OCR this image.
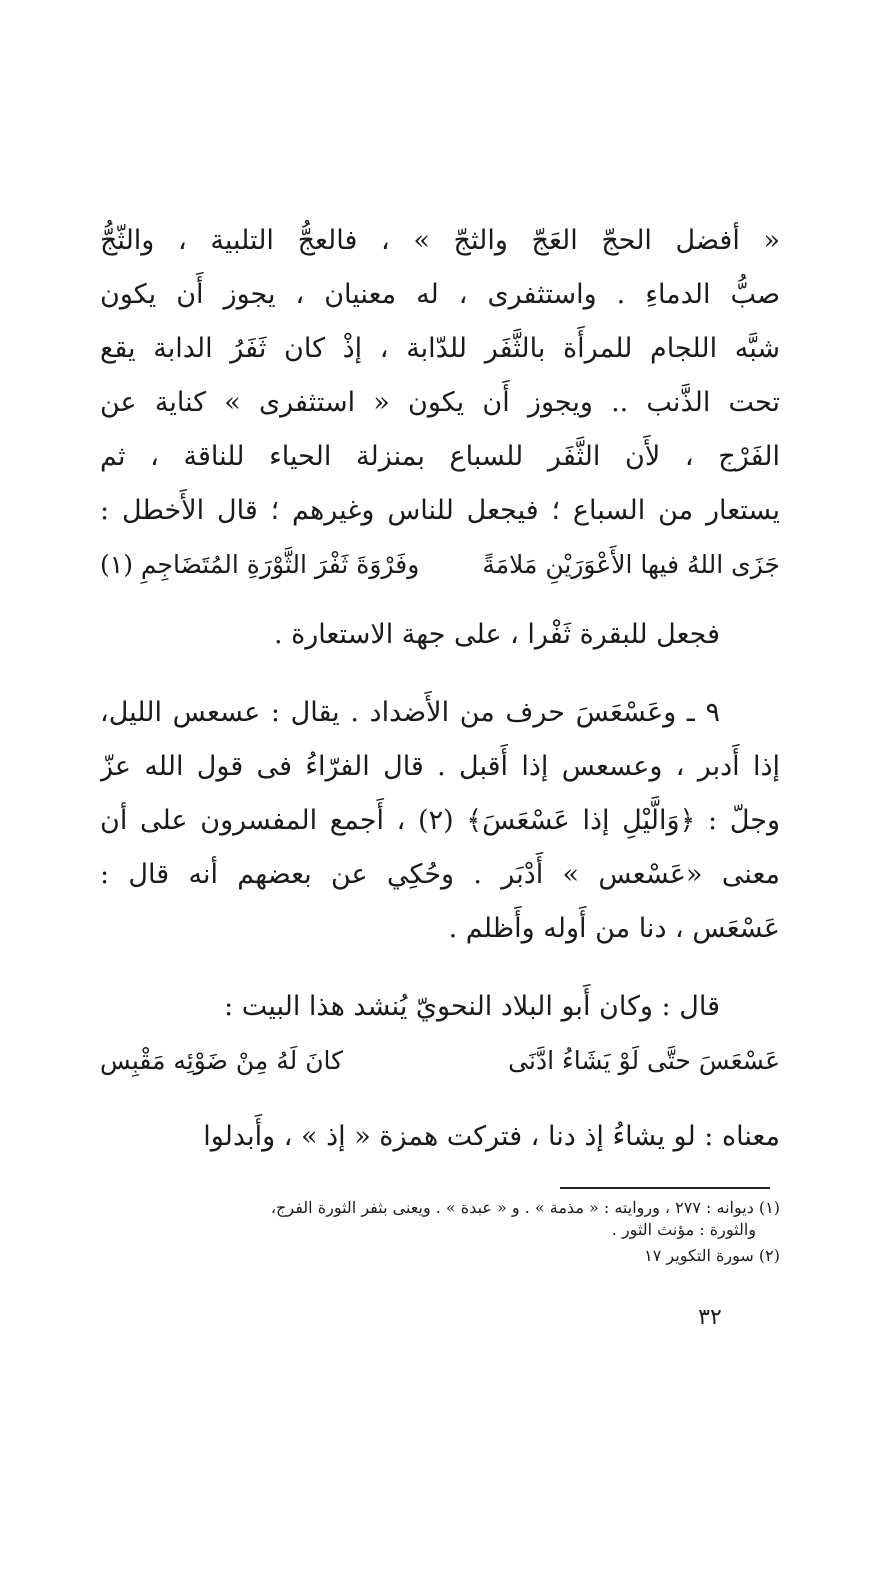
« أفضل الحجّ العَجّ والثجّ » ، فالعجُّ التلبية ، والثّجُّ
صبُّ الدماءِ . واستثفرى ، له معنيان ، يجوز أَن يكون
شبَّه اللجام للمرأَة بالثَّفَر للدّابة ، إذْ كان ثَفَرُ الدابة يقع
تحت الذَّنب .. ويجوز أَن يكون « استثفرى » كناية عن
الفَرْج ، لأَن الثَّفَر للسباع بمنزلة الحياء للناقة ، ثم
يستعار من السباع ؛ فيجعل للناس وغيرهم ؛ قال الأَخطل :
جَزَى اللهُ فيها الأَعْوَرَيْنِ مَلامَةً
وفَرْوَةَ ثَفْرَ الثَّوْرَةِ المُتَضَاجِمِ (١)
فجعل للبقرة ثَفْرا ، على جهة الاستعارة .
٩ ـ وعَسْعَسَ حرف من الأَضداد . يقال : عسعس الليل،
إذا أَدبر ، وعسعس إذا أَقبل . قال الفرّاءُ فى قول الله عزّ
وجلّ : ﴿وَالَّيْلِ إذا عَسْعَسَ﴾ (٢) ، أَجمع المفسرون على أن
معنى «عَسْعس » أَدْبَر . وحُكِي عن بعضهم أنه قال :
عَسْعَس ، دنا من أَوله وأَظلم .
قال : وكان أَبو البلاد النحويّ يُنشد هذا البيت :
عَسْعَسَ حتَّى لَوْ يَشَاءُ ادَّنَى
كانَ لَهُ مِنْ ضَوْئِه مَقْبِس
معناه : لو يشاءُ إذ دنا ، فتركت همزة « إذ » ، وأَبدلوا
(١) ديوانه : ٢٧٧ ، وروايته : « مذمة » . و « عبدة » . ويعنى بثفر الثورة الفرج،
والثورة : مؤنث الثور .
(٢) سورة التكوير ١٧
٣٢
